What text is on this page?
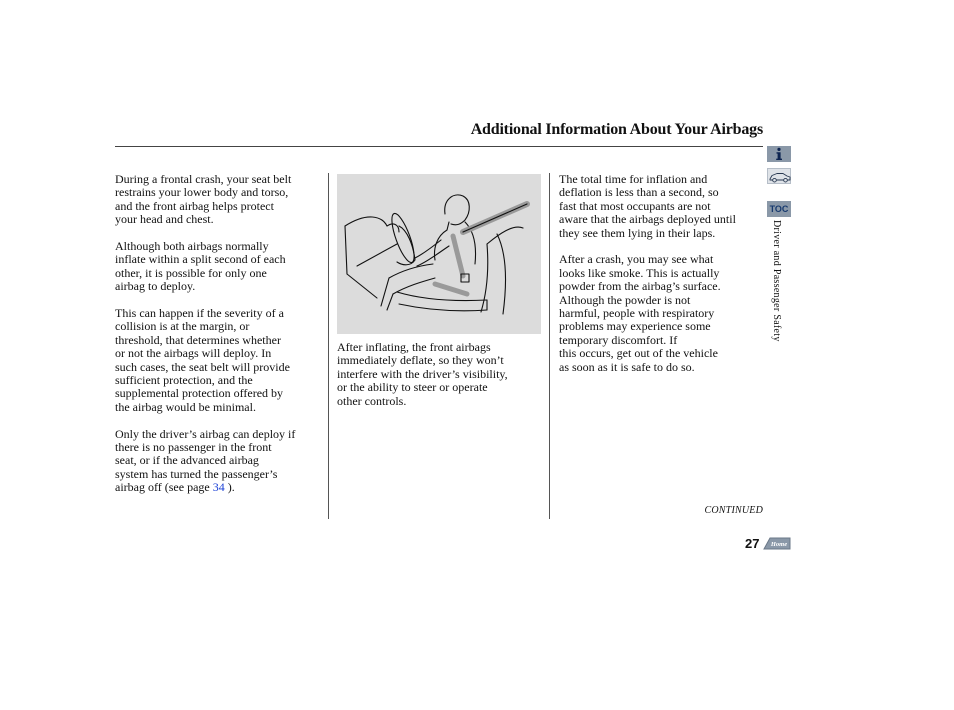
Additional Information About Your Airbags

During a frontal crash, your seat belt
restrains your lower body and torso,
and the front airbag helps protect
your head and chest.

Although both airbags normally
inflate within a split second of each
other, it is possible for only one
airbag to deploy.

This can happen if the severity of a
collision is at the margin, or
threshold, that determines whether
or not the airbags will deploy. In
such cases, the seat belt will provide
sufficient protection, and the
supplemental protection offered by
the airbag would be minimal.

Only the driver’s airbag can deploy if
there is no passenger in the front
seat, or if the advanced airbag
system has turned the passenger’s
airbag off (see page 34 ).

After inflating, the front airbags
immediately deflate, so they won’t
interfere with the driver’s visibility,
or the ability to steer or operate
other controls.

The total time for inflation and
deflation is less than a second, so
fast that most occupants are not
aware that the airbags deployed until
they see them lying in their laps.

After a crash, you may see what
looks like smoke. This is actually
powder from the airbag’s surface.
Although the powder is not
harmful, people with respiratory
problems may experience some
temporary discomfort. If
this occurs, get out of the vehicle
as soon as it is safe to do so.

CONTINUED
27 Home
TOC
Driver and Passenger Safety
